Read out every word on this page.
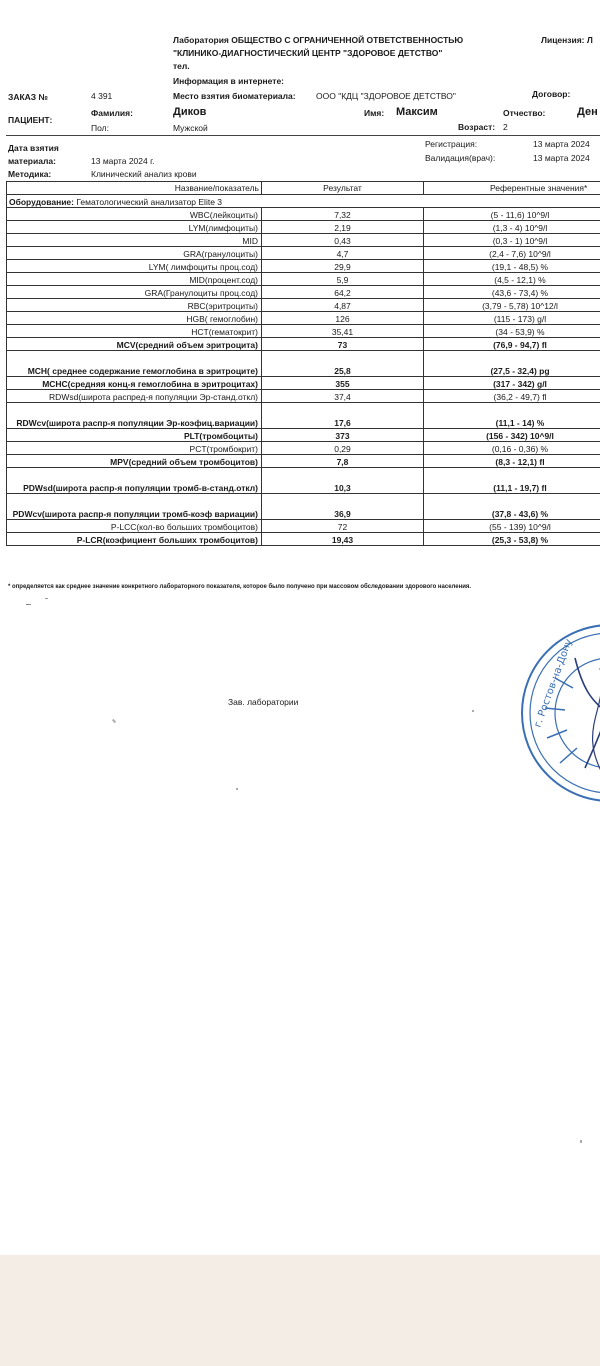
Лаборатория ОБЩЕСТВО С ОГРАНИЧЕННОЙ ОТВЕТСТВЕННОСТЬЮ
"КЛИНИКО-ДИАГНОСТИЧЕСКИЙ ЦЕНТР "ЗДОРОВОЕ ДЕТСТВО"
Лицензия: Л
тел.
Информация в интернете:
ЗАКАЗ №	4 391	Место взятия биоматериала: ООО "КДЦ "ЗДОРОВОЕ ДЕТСТВО"	Договор:
ПАЦИЕНТ:
Фамилия:	Диков	Имя: Максим	Отчество:	Ден
Пол:	Мужской	Возраст: 2
Дата взятия
материала:	13 марта 2024 г.
Регистрация:	13 марта 2024
Валидация(врач):	13 марта 2024
Методика:	Клинический анализ крови
Название/показатель	Результат	Референтные значения*
Оборудование: Гематологический анализатор Elite 3		
WBC(лейкоциты)	7,32	(5 - 11,6) 10^9/l
LYM(лимфоциты)	2,19	(1,3 - 4) 10^9/l
MID	0,43	(0,3 - 1) 10^9/l
GRA(гранулоциты)	4,7	(2,4 - 7,6) 10^9/l
LYM( лимфоциты проц.сод)	29,9	(19,1 - 48,5) %
MID(процент.сод)	5,9	(4,5 - 12,1) %
GRA(Гранулоциты проц.сод)	64,2	(43,6 - 73,4) %
RBC(эритроциты)	4,87	(3,79 - 5,78) 10^12/l
HGB( гемоглобин)	126	(115 - 173) g/l
HCT(гематокрит)	35,41	(34 - 53,9) %
MCV(средний объем эритроцита)	73	(76,9 - 94,7) fl
MCH( среднее содержание гемоглобина в эритроците)	25,8	(27,5 - 32,4) pg
MCHC(средняя конц-я гемоглобина в эритроцитах)	355	(317 - 342) g/l
RDWsd(широта распред-я популяции Эр-станд.откл)	37,4	(36,2 - 49,7) fl
RDWcv(широта распр-я популяции Эр-коэфиц.вариации)	17,6	(11,1 - 14) %
PLT(тромбоциты)	373	(156 - 342) 10^9/l
PCT(тромбокрит)	0,29	(0,16 - 0,36) %
MPV(средний объем тромбоцитов)	7,8	(8,3 - 12,1) fl
PDWsd(широта распр-я популяции тромб-в-станд.откл)	10,3	(11,1 - 19,7) fl
PDWcv(широта распр-я популяции тромб-коэф вариации)	36,9	(37,8 - 43,6) %
P-LCC(кол-во больших тромбоцитов)	72	(55 - 139) 10^9/l
P-LCR(коэфициент больших тромбоцитов)	19,43	(25,3 - 53,8) %
* определяется как среднее значение конкретного лабораторного показателя, которое было получено при массовом обследовании здорового населения.
Зав. лаборатории	г. Ростов-на-Дону
